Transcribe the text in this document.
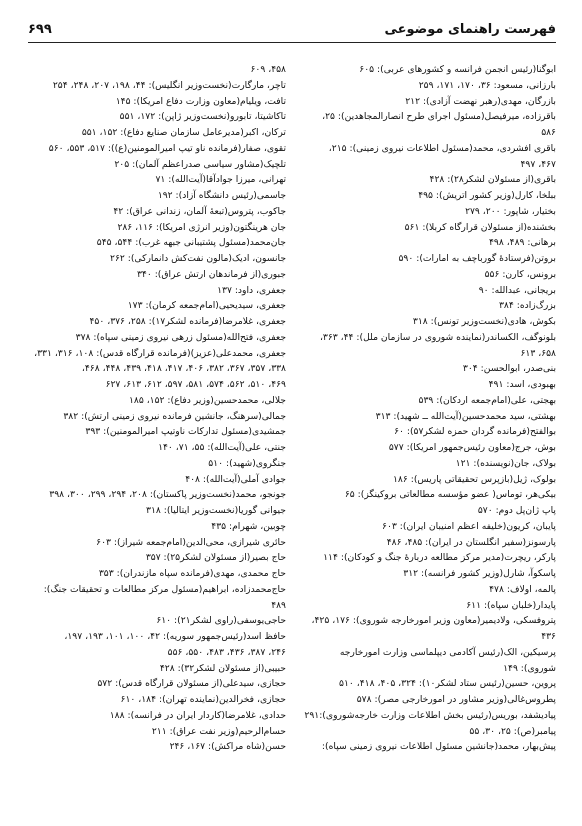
فهرست راهنمای موضوعی
۶۹۹
ابوگنا(رئیس انجمن فرانسه و کشورهای عربی): ۶۰۵
بارزانی، مسعود: ۳۶، ۱۷۰، ۱۷۱، ۲۵۹
بازرگان، مهدی(رهبر نهضت آزادی): ۲۱۲
باقرزاده، میرفیصل(مسئول اجرای طرح انصارالمجاهدین): ۲۵،
۵۸۶
باقری افشردی، محمد(مسئول اطلاعات نیروی زمینی): ۲۱۵،
۴۶۷، ۴۹۷
باقری(از مسئولان لشکر۲۸): ۴۲۸
ببلخا، کارل(وزیر کشور اتریش): ۴۹۵
بختیار، شاپور: ۲۰۰، ۲۷۹
بخشنده(از مسئولان قرارگاه کربلا): ۵۶۱
برهانی: ۴۸۹، ۴۹۸
بروتن(فرستادهٔ گورباچف به امارات): ۵۹۰
برونس، کارن: ۵۵۶
بریجانی، عبدالله: ۹۰
بزرگ‌زاده: ۳۸۴
بکوش، هادی(نخست‌وزیر تونس): ۳۱۸
بلونوگف، الکساندر(نماینده شوروی در سازمان ملل): ۴۴، ۳۶۳،
۶۵۸، ۶۱۳
بنی‌صدر، ابوالحسن: ۳۰۴
بهبودی، اسد: ۴۹۱
بهجتی، علی(امام‌جمعه اردکان): ۵۳۹
بهشتی، سید محمدحسین(آیت‌الله ــ شهید): ۳۱۳
بوالفتح(فرمانده گردان حمزه لشکر۵۷): ۶۰
بوش، جرج(معاون رئیس‌جمهور امریکا): ۵۷۷
بولاک، جان(نویسنده): ۱۲۱
بولوک، ژیل(بازپرس تحقیقاتی پاریس): ۱۸۶
بیکی‌هر، توماس( عضو مؤسسه مطالعاتی بروکینگز): ۶۵
پاپ ژان‌پل دوم: ۵۷۰
پایبان، کریون(خلیفه اعظم امنیبان ایران): ۶۰۳
پارسونز(سفیر انگلستان در ایران): ۴۸۵، ۴۸۶
پارکر، ریچرت(مدیر مرکز مطالعه دربارهٔ جنگ و کودکان): ۱۱۴
پاسکوآ، شارل(وزیر کشور فرانسه): ۳۱۲
پالمه، اولاف: ۴۷۸
پایدار(خلبان سپاه): ۶۱۱
پتروفسکی، ولادیمیر(معاون وزیر امورخارجه شوروی): ۱۷۶، ۴۲۵،
۴۳۶
پرسیکین، الک(رئیس آکادمی دیپلماسی وزارت امورخارجه
شوروی): ۱۴۹
پروین، حسین(رئیس ستاد لشکر۱۰): ۳۲۴، ۴۰۵، ۴۱۸، ۵۱۰
پطروس‌غالی(وزیر مشاور در امورخارجی مصر): ۵۷۸
پیادیشفد، بوریس(رئیس بخش اطلاعات وزارت خارجه‌شوروی):۲۹۱
پیامبر(ص): ۲۵، ۳۰، ۵۵
پیش‌بهار، محمد(جانشین مسئول اطلاعات نیروی زمینی سپاه):
۴۵۸، ۶۰۹
تاچر، مارگارت(نخست‌وزیر انگلیس): ۴۴، ۱۹۸، ۲۰۷، ۲۴۸، ۲۵۴
تافت، ویلیام(معاون وزارت دفاع امریکا): ۱۴۵
تاکاشیتا، تابورو(نخست‌وزیر ژاپن): ۱۷۲، ۵۵۱
ترکان، اکبر(مدیرعامل سازمان صنایع دفاع): ۱۵۲، ۵۵۱
تقوی، صفار(فرمانده ناو تیپ امیرالمومنین(ع)): ۵۱۷، ۵۵۳، ۵۶۰
تلچیک(مشاور سیاسی صدراعظم آلمان): ۲۰۵
تهرانی، میرزا جوادآقا(آیت‌الله): ۷۱
جاسمی(رئیس دانشگاه آزاد): ۱۹۲
جاکوب، پتروس(تبعهٔ آلمان، زندانی عراق): ۴۲
جان هرینگتون(وزیر انرژی امریکا): ۱۱۶، ۲۸۶
جان‌محمد(مسئول پشتیبانی جبهه غرب): ۵۴۴، ۵۴۵
جانسون، ادیک(مالون نفت‌کش دانمارکی): ۲۶۲
جبوری(از فرماندهان ارتش عراق): ۳۴۰
جعفری، داود: ۱۳۷
جعفری، سیدیحیی(امام‌جمعه کرمان): ۱۷۳
جعفری، غلامرضا(فرمانده لشکر۱۷): ۲۵۸، ۳۷۶، ۴۵۰
جعفری، فتح‌الله(مسئول زرهی نیروی زمینی سپاه): ۳۷۸
جعفری، محمدعلی(عزیز)(فرمانده قرارگاه قدس): ۱۰۸، ۳۱۶، ۳۳۱،
۳۳۸، ۳۵۷، ۳۶۷، ۳۸۲، ۴۰۶، ۴۱۷، ۴۱۸، ۴۳۹، ۴۴۸، ۴۶۸،
۴۶۹، ۵۱۰، ۵۶۲، ۵۷۴، ۵۸۱، ۵۹۷، ۶۱۲، ۶۱۳، ۶۲۷
جلالی، محمدحسین(وزیر دفاع): ۱۵۲، ۱۸۵
جمالی(سرهنگ، جانشین فرمانده نیروی زمینی ارتش): ۳۸۲
جمشیدی(مسئول تدارکات ناوتیپ امیرالمومنین): ۳۹۳
جنتی، علی(آیت‌الله): ۵۵، ۷۱، ۱۴۰
جنگروی(شهید): ۵۱۰
جوادی آملی(آیت‌الله): ۴۰۸
جونجو، محمد(نخست‌وزیر پاکستان): ۲۰۸، ۲۹۴، ۲۹۹، ۳۰۰، ۳۹۸
جیوانی گوریا(نخست‌وزیر ایتالیا): ۳۱۸
چوبین، شهرام: ۴۳۵
حائری شیرازی، محی‌الدین(امام‌جمعه شیراز): ۶۰۳
حاج بصیر(از مسئولان لشکر۲۵): ۳۵۷
حاج محمدی، مهدی(فرمانده سپاه مازندران): ۳۵۳
حاج‌محمدزاده، ابراهیم(مسئول مرکز مطالعات و تحقیقات جنگ):
۴۸۹
حاجی‌یوسفی(راوی لشکر۲۱): ۶۱۰
حافظ اسد(رئیس‌جمهور سوریه): ۴۲، ۱۰۰، ۱۰۱، ۱۹۳، ۱۹۷،
۲۴۶، ۳۸۷، ۴۳۶، ۴۸۳، ۵۵۰، ۵۵۶
حبیبی(از مسئولان لشکر۳۲): ۴۲۸
حجازی، سیدعلی(از مسئولان قرارگاه قدس): ۵۷۲
حجازی، فخرالدین(نماینده تهران): ۱۸۴، ۶۱۰
حدادی، غلامرضا(کاردار ایران در فرانسه): ۱۸۸
حسام‌الرحیم(وزیر نفت عراق): ۲۱۱
حسن(شاه مراکش): ۱۶۷، ۲۴۶
